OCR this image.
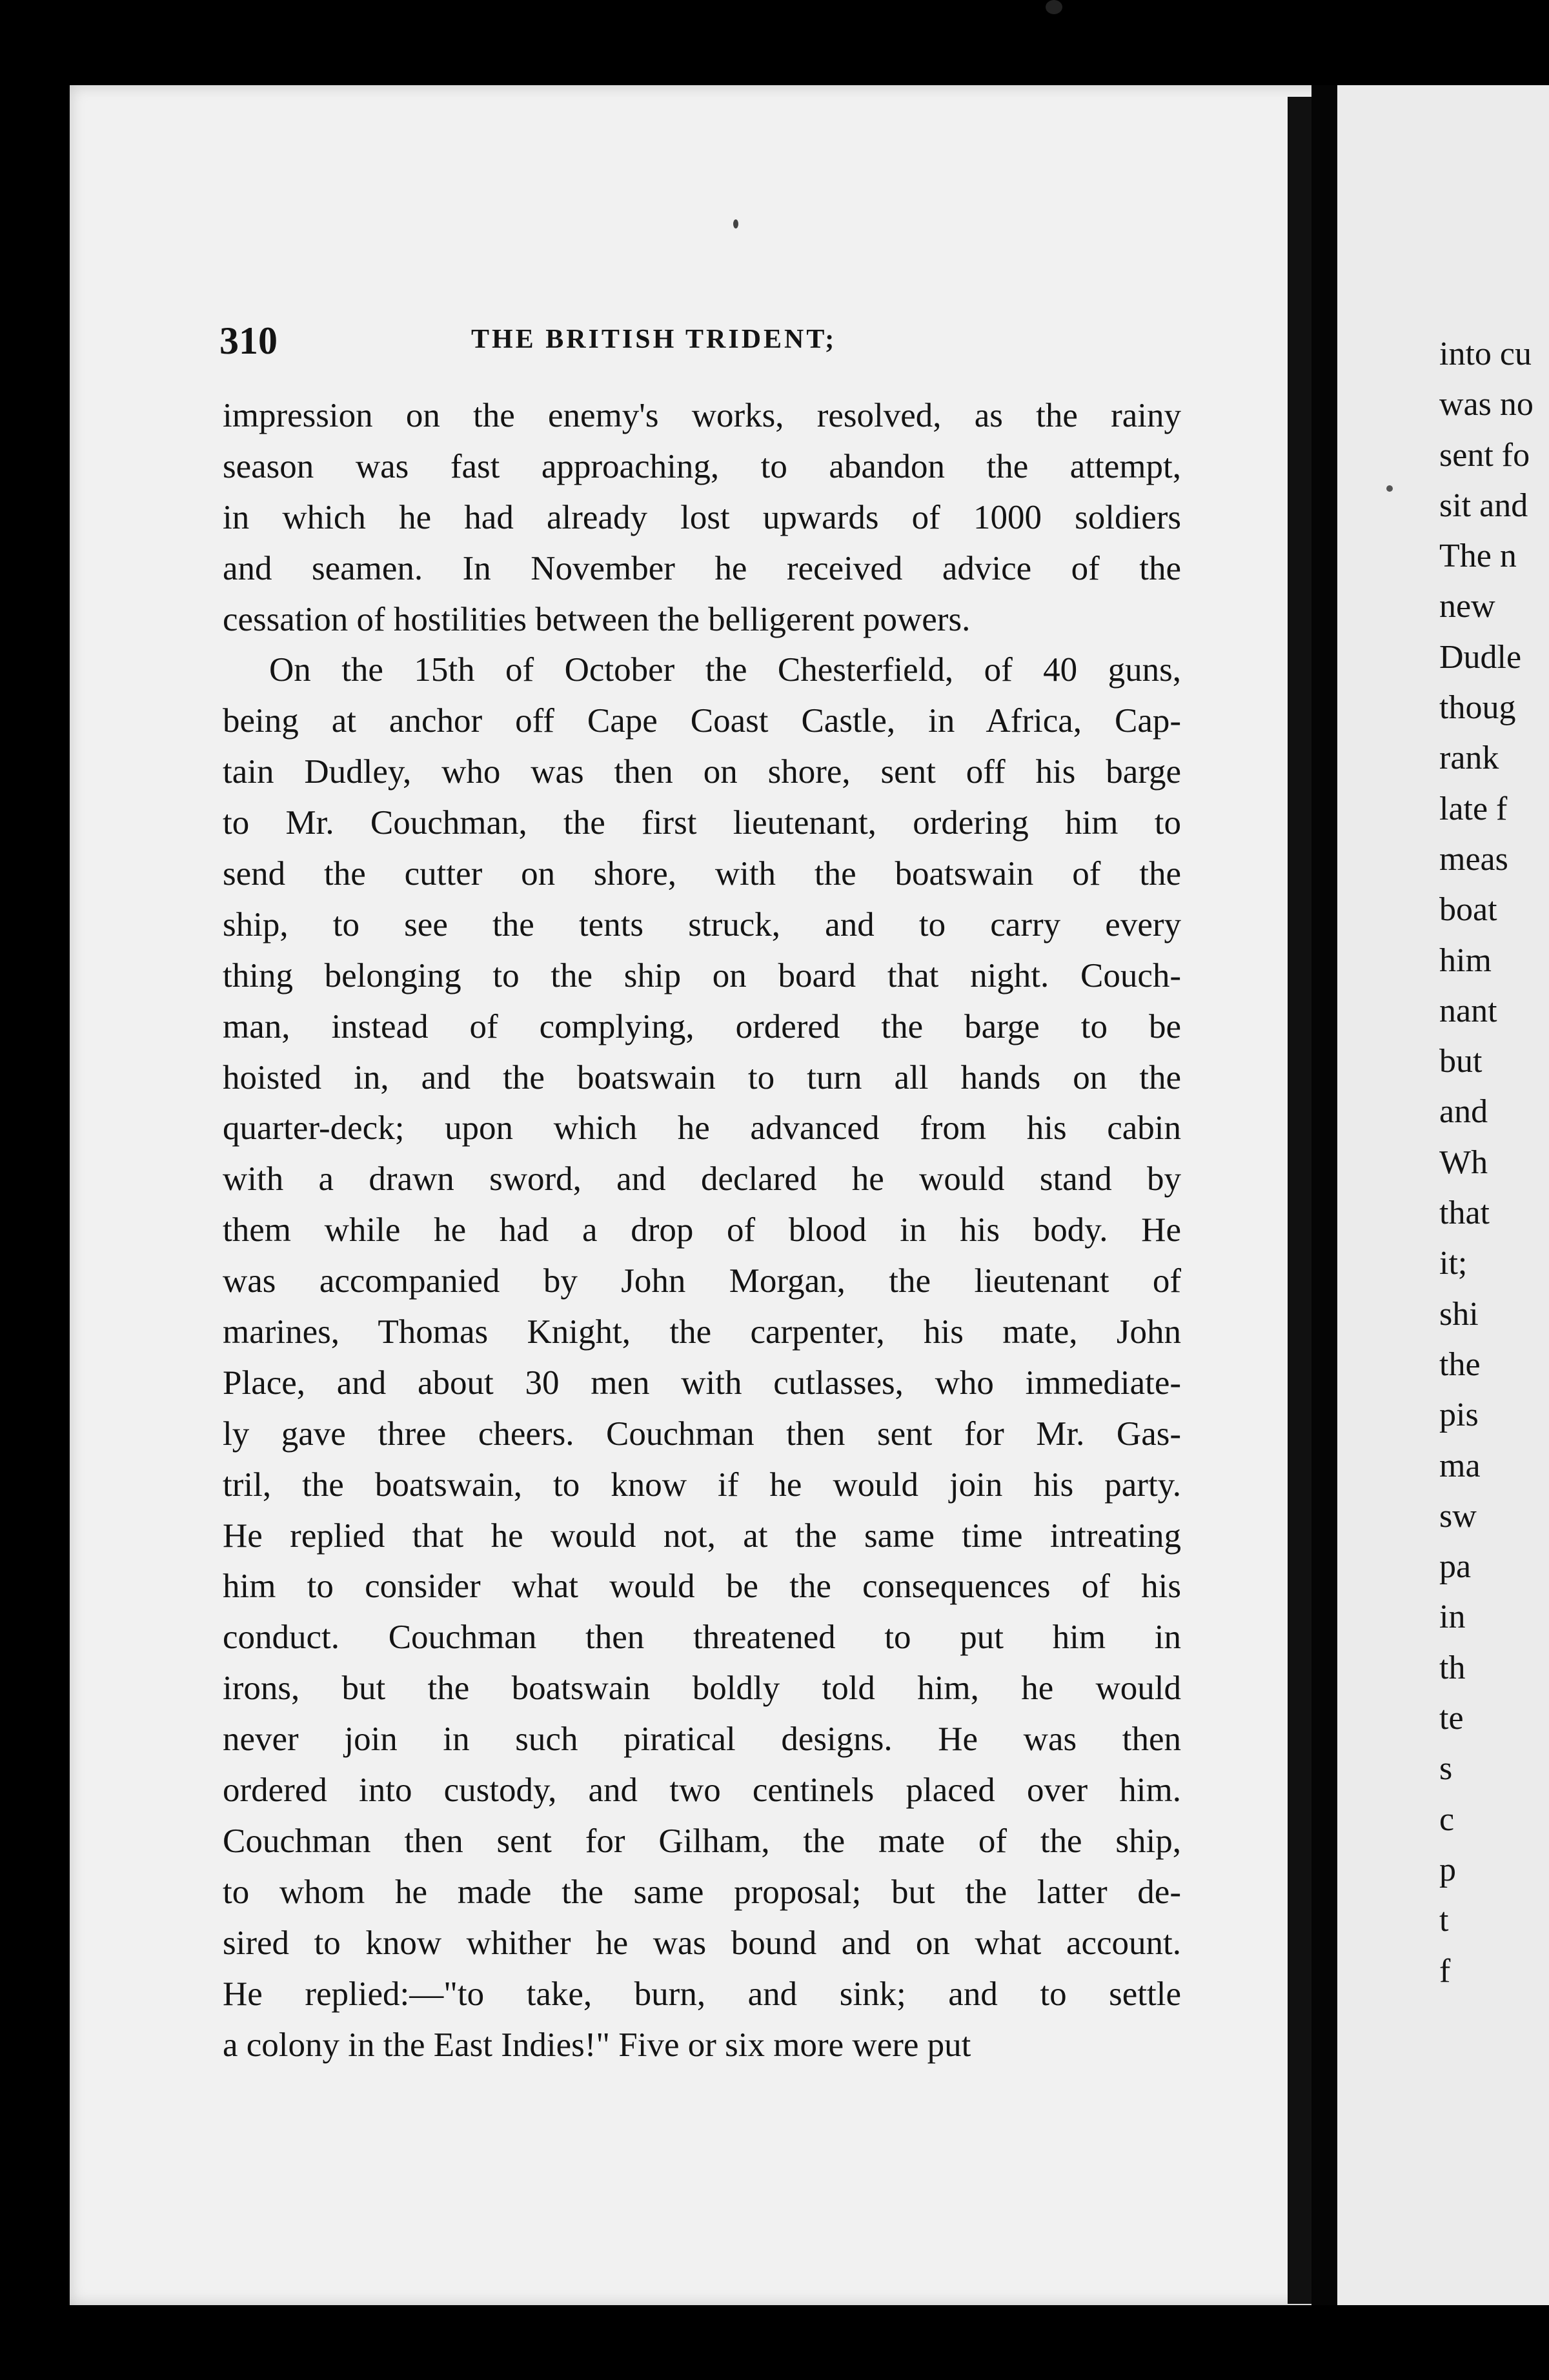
310	THE BRITISH TRIDENT;
impression on the enemy's works, resolved, as the rainy
season was fast approaching, to abandon the attempt,
in which he had already lost upwards of 1000 soldiers
and seamen. In November he received advice of the
cessation of hostilities between the belligerent powers.
On the 15th of October the Chesterfield, of 40 guns,
being at anchor off Cape Coast Castle, in Africa, Cap-
tain Dudley, who was then on shore, sent off his barge
to Mr. Couchman, the first lieutenant, ordering him to
send the cutter on shore, with the boatswain of the
ship, to see the tents struck, and to carry every
thing belonging to the ship on board that night. Couch-
man, instead of complying, ordered the barge to be
hoisted in, and the boatswain to turn all hands on the
quarter-deck; upon which he advanced from his cabin
with a drawn sword, and declared he would stand by
them while he had a drop of blood in his body. He
was accompanied by John Morgan, the lieutenant of
marines, Thomas Knight, the carpenter, his mate, John
Place, and about 30 men with cutlasses, who immediate-
ly gave three cheers. Couchman then sent for Mr. Gas-
tril, the boatswain, to know if he would join his party.
He replied that he would not, at the same time intreating
him to consider what would be the consequences of his
conduct. Couchman then threatened to put him in
irons, but the boatswain boldly told him, he would
never join in such piratical designs. He was then
ordered into custody, and two centinels placed over him.
Couchman then sent for Gilham, the mate of the ship,
to whom he made the same proposal; but the latter de-
sired to know whither he was bound and on what account.
He replied:—"to take, burn, and sink; and to settle
a colony in the East Indies!" Five or six more were put
into cu
was no
sent fo
sit and
The n
new
Dudle
thoug
rank
late f
meas
boat
him
nant
but
and
Wh
that
it;
shi
the
pis
ma
sw
pa
in
th
te
s
c
p
t
f
